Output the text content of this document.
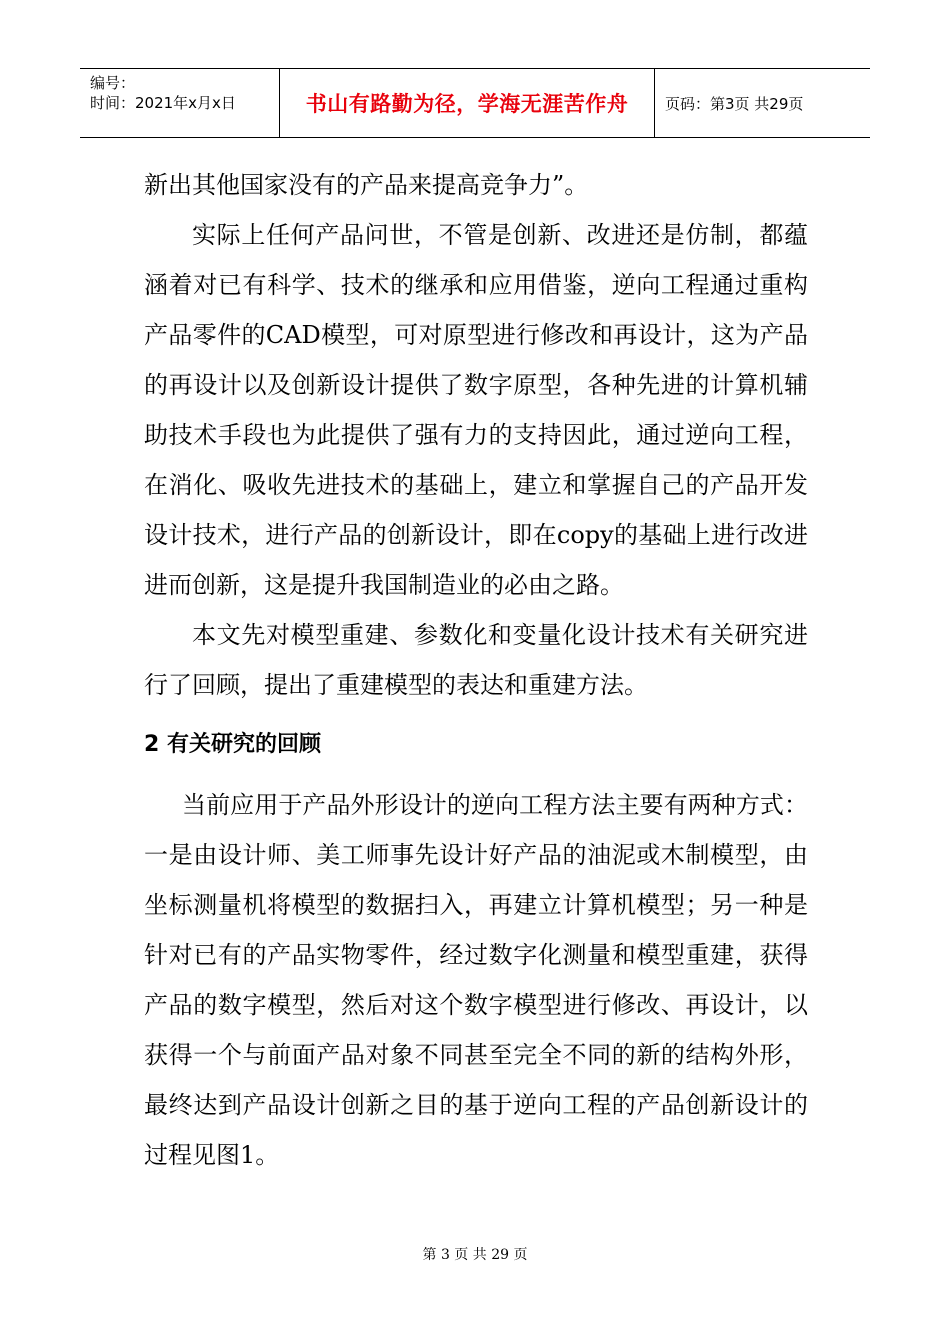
编号：
时间：2021年x月x日	书山有路勤为径，学海无涯苦作舟	页码：第3页 共29页

新出其他国家没有的产品来提高竞争力”。

实际上任何产品问世，不管是创新、改进还是仿制，都蕴涵着对已有科学、技术的继承和应用借鉴，逆向工程通过重构产品零件的CAD模型，可对原型进行修改和再设计，这为产品的再设计以及创新设计提供了数字原型，各种先进的计算机辅助技术手段也为此提供了强有力的支持因此，通过逆向工程，在消化、吸收先进技术的基础上，建立和掌握自己的产品开发设计技术，进行产品的创新设计，即在copy的基础上进行改进进而创新，这是提升我国制造业的必由之路。

本文先对模型重建、参数化和变量化设计技术有关研究进行了回顾，提出了重建模型的表达和重建方法。

2 有关研究的回顾

当前应用于产品外形设计的逆向工程方法主要有两种方式：一是由设计师、美工师事先设计好产品的油泥或木制模型，由坐标测量机将模型的数据扫入，再建立计算机模型；另一种是针对已有的产品实物零件，经过数字化测量和模型重建，获得产品的数字模型，然后对这个数字模型进行修改、再设计，以获得一个与前面产品对象不同甚至完全不同的新的结构外形，最终达到产品设计创新之目的基于逆向工程的产品创新设计的过程见图1。

第 3 页 共 29 页
